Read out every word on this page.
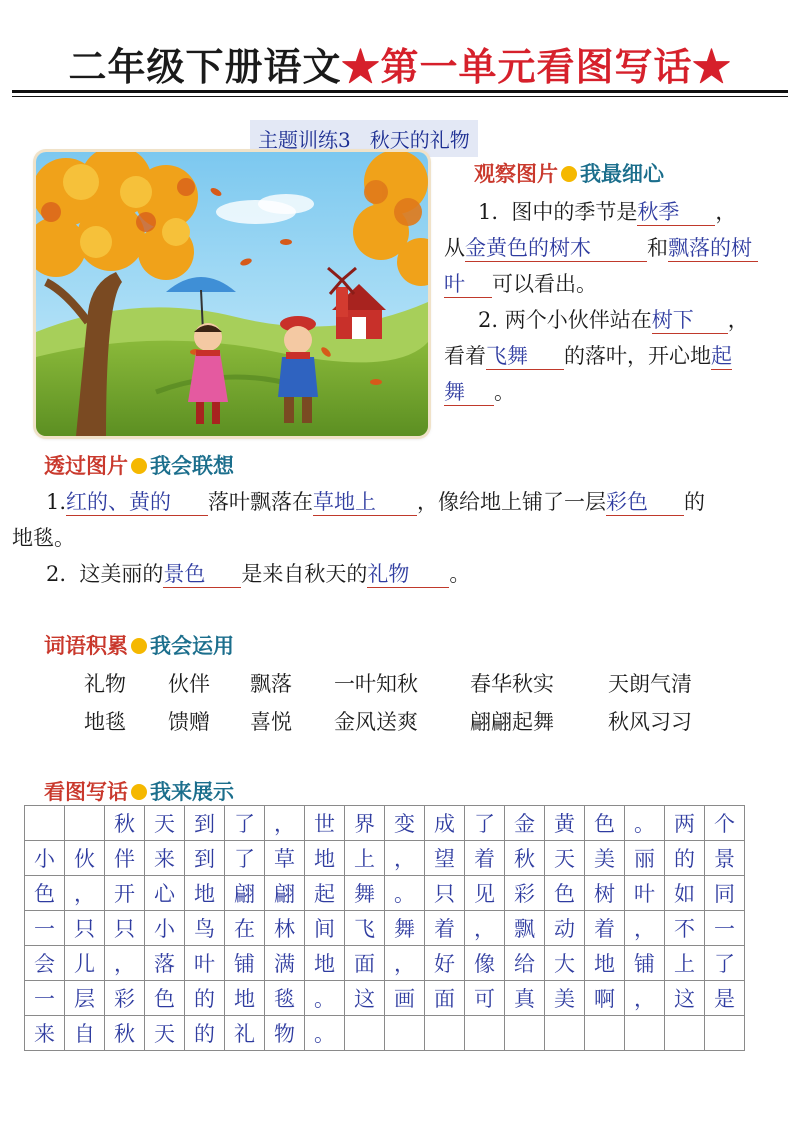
二年级下册语文★第一单元看图写话★
主题训练3   秋天的礼物
观察图片 我最细心
1.  图中的季节是秋季 ，
从金黄色的树木	和飘落的树
叶 可以看出。
2. 两个小伙伴站在树下 ，
看着飞舞 的落叶，开心地起
舞 。
透过图片 我会联想
1.红的、黄的 落叶飘落在草地上 ，像给地上铺了一层彩色 的
地毯。
2.  这美丽的景色 是来自秋天的礼物 。
词语积累 我会运用
礼物 伙伴 飘落 一叶知秋 春华秋实	天朗气清
地毯 馈赠 喜悦 金风送爽 翩翩起舞	秋风习习
看图写话 我来展示
		秋	天	到	了	，	世	界	变	成	了	金	黄	色	。	两	个
小	伙	伴	来	到	了	草	地	上	，	望	着	秋	天	美	丽	的	景
色	，	开	心	地	翩	翩	起	舞	。	只	见	彩	色	树	叶	如	同
一	只	只	小	鸟	在	林	间	飞	舞	着	，	飘	动	着	，	不	一
会	儿	，	落	叶	铺	满	地	面	，	好	像	给	大	地	铺	上	了
一	层	彩	色	的	地	毯	。	这	画	面	可	真	美	啊	，	这	是
来	自	秋	天	的	礼	物	。										
